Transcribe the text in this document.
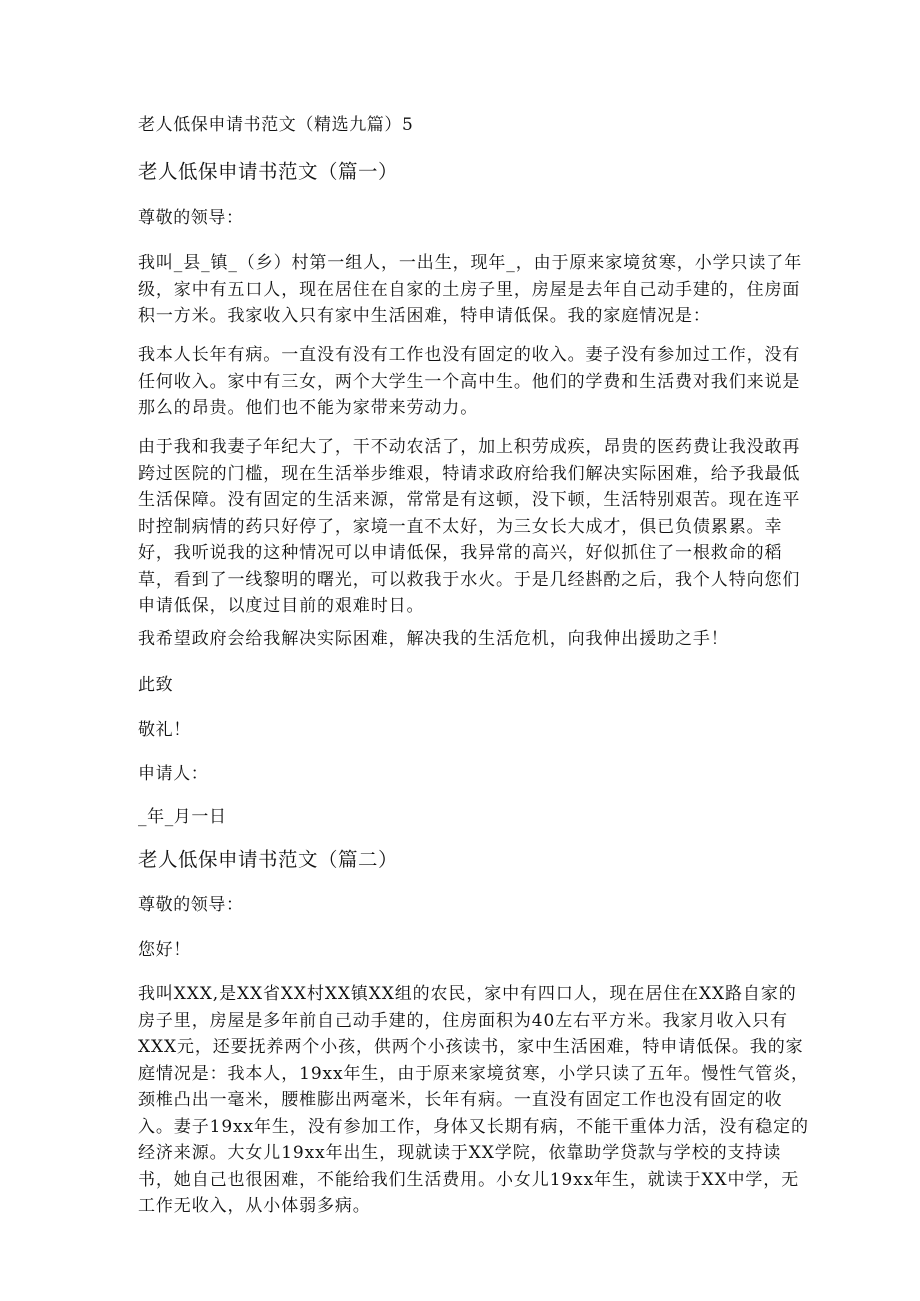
老人低保申请书范文（精选九篇）5
老人低保申请书范文（篇一）
尊敬的领导：
我叫_县_镇_（乡）村第一组人，一出生，现年_，由于原来家境贫寒，小学只读了年
级，家中有五口人，现在居住在自家的土房子里，房屋是去年自己动手建的，住房面
积一方米。我家收入只有家中生活困难，特申请低保。我的家庭情况是：
我本人长年有病。一直没有没有工作也没有固定的收入。妻子没有参加过工作，没有
任何收入。家中有三女，两个大学生一个高中生。他们的学费和生活费对我们来说是
那么的昂贵。他们也不能为家带来劳动力。
由于我和我妻子年纪大了，干不动农活了，加上积劳成疾，昂贵的医药费让我没敢再
跨过医院的门槛，现在生活举步维艰，特请求政府给我们解决实际困难，给予我最低
生活保障。没有固定的生活来源，常常是有这顿，没下顿，生活特别艰苦。现在连平
时控制病情的药只好停了，家境一直不太好，为三女长大成才，俱已负债累累。幸
好，我听说我的这种情况可以申请低保，我异常的高兴，好似抓住了一根救命的稻
草，看到了一线黎明的曙光，可以救我于水火。于是几经斟酌之后，我个人特向您们
申请低保，以度过目前的艰难时日。
我希望政府会给我解决实际困难，解决我的生活危机，向我伸出援助之手！
此致
敬礼！
申请人：
_年_月一日
老人低保申请书范文（篇二）
尊敬的领导：
您好！
我叫XXX,是XX省XX村XX镇XX组的农民，家中有四口人，现在居住在XX路自家的
房子里，房屋是多年前自己动手建的，住房面积为40左右平方米。我家月收入只有
XXX元，还要抚养两个小孩，供两个小孩读书，家中生活困难，特申请低保。我的家
庭情况是：我本人，19xx年生，由于原来家境贫寒，小学只读了五年。慢性气管炎，
颈椎凸出一毫米，腰椎膨出两毫米，长年有病。一直没有固定工作也没有固定的收
入。妻子19xx年生，没有参加工作，身体又长期有病，不能干重体力活，没有稳定的
经济来源。大女儿19xx年出生，现就读于XX学院，依靠助学贷款与学校的支持读
书，她自己也很困难，不能给我们生活费用。小女儿19xx年生，就读于XX中学，无
工作无收入，从小体弱多病。
